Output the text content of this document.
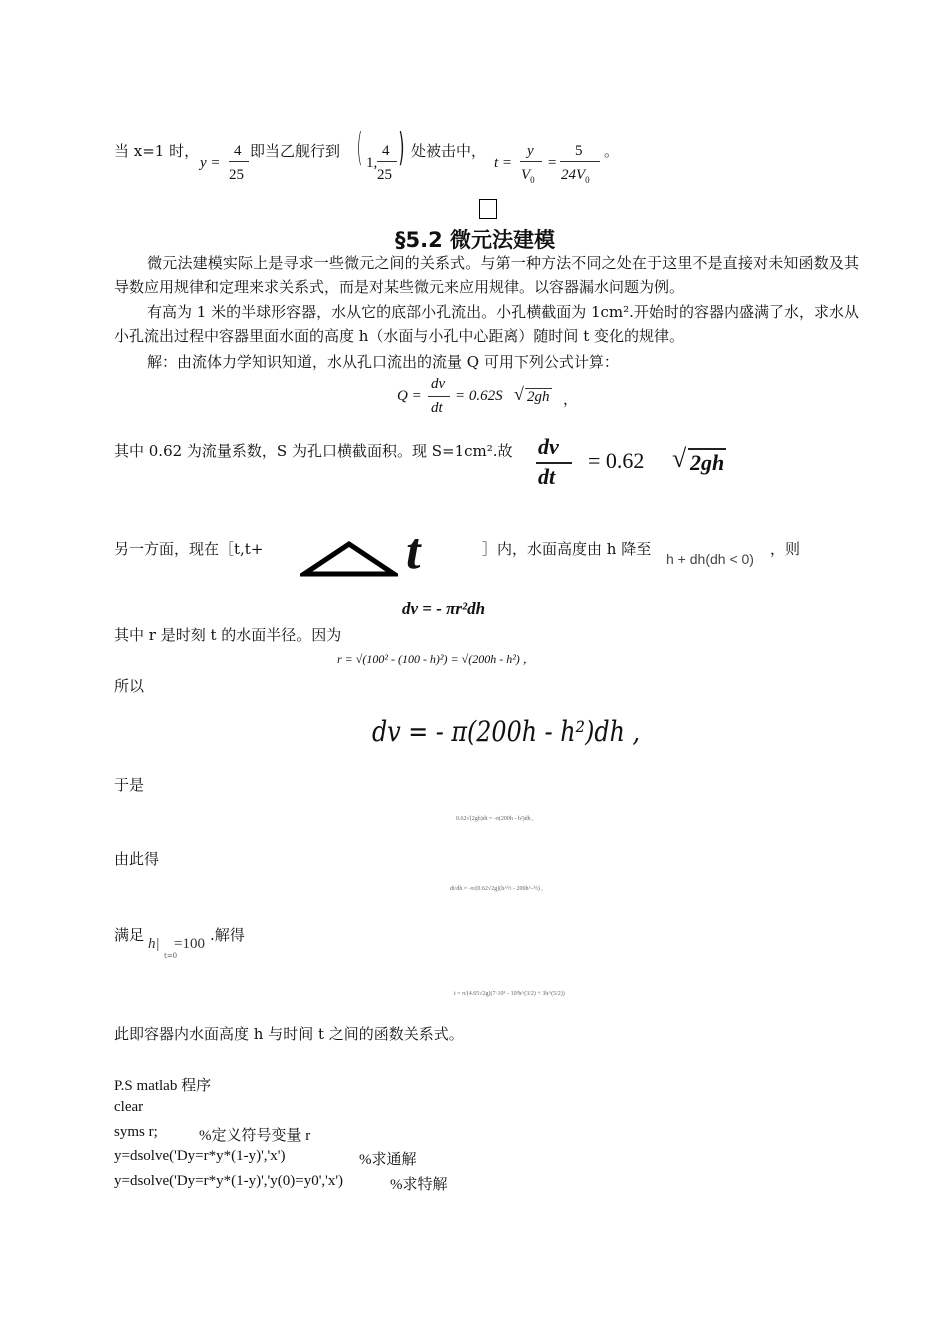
当 x=1 时，
y =
4
25
即当乙舰行到 ( 1,
4
25
) 处被击中，
t =
y
$V_0$
=
5
$24V_0$
。
§5.2 微元法建模
微元法建模实际上是寻求一些微元之间的关系式。与第一种方法不同之处在于这里不是直接对未知函数及其导数应用规律和定理来求关系式，而是对某些微元来应用规律。以容器漏水问题为例。
有高为 1 米的半球形容器，水从它的底部小孔流出。小孔横截面为 1cm².开始时的容器内盛满了水，求水从小孔流出过程中容器里面水面的高度 h（水面与小孔中心距离）随时间 t 变化的规律。
解：由流体力学知识知道，水从孔口流出的流量 Q 可用下列公式计算：
Q =
dv
dt
= 0.62S √ 2gh ，
其中 0.62 为流量系数，S 为孔口横截面积。现 S=1cm².故 dv
dt
= 0.62 √ 2gh
另一方面，现在［t,t+	t	］内，水面高度由 h 降至
h + dh(dh < 0)
，则
dv = - πr²dh
其中 r 是时刻 t 的水面半径。因为
r = √(100² - (100 - h)²) = √(200h - h²) ，
所以
dv = - π(200h - h²)dh ,
于是
0.62√(2gh)dt = -π(200h - h²)dh ,
由此得
dt/dh = -π/(0.62√2g)(h^½ - 200h^-½) ,
满足 h|
t=0
=100 .解得
t = π/(4.65√2g)(7·10⁵ - 10³h^(3/2) + 3h^(5/2))
此即容器内水面高度 h 与时间 t 之间的函数关系式。
P.S matlab 程序
clear
syms r;	%定义符号变量 r
y=dsolve('Dy=r*y*(1-y)','x')	%求通解
y=dsolve('Dy=r*y*(1-y)','y(0)=y0','x')	%求特解
